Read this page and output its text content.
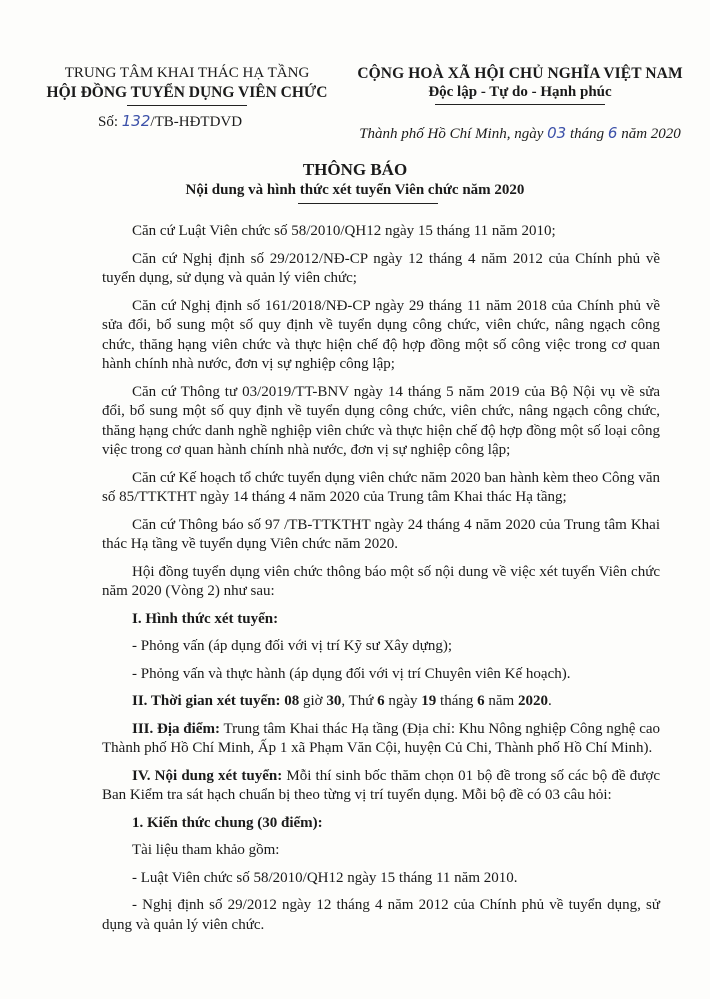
TRUNG TÂM KHAI THÁC HẠ TẦNG
HỘI ĐỒNG TUYỂN DỤNG VIÊN CHỨC
Số: 132/TB-HĐTDVD
CỘNG HOÀ XÃ HỘI CHỦ NGHĨA VIỆT NAM
Độc lập - Tự do - Hạnh phúc
Thành phố Hồ Chí Minh, ngày 03 tháng 6 năm 2020
THÔNG BÁO
Nội dung và hình thức xét tuyển Viên chức năm 2020

Căn cứ Luật Viên chức số 58/2010/QH12 ngày 15 tháng 11 năm 2010;

Căn cứ Nghị định số 29/2012/NĐ-CP ngày 12 tháng 4 năm 2012 của Chính phủ về tuyển dụng, sử dụng và quản lý viên chức;

Căn cứ Nghị định số 161/2018/NĐ-CP ngày 29 tháng 11 năm 2018 của Chính phủ về sửa đổi, bổ sung một số quy định về tuyển dụng công chức, viên chức, nâng ngạch công chức, thăng hạng viên chức và thực hiện chế độ hợp đồng một số công việc trong cơ quan hành chính nhà nước, đơn vị sự nghiệp công lập;

Căn cứ Thông tư 03/2019/TT-BNV ngày 14 tháng 5 năm 2019 của Bộ Nội vụ về sửa đổi, bổ sung một số quy định về tuyển dụng công chức, viên chức, nâng ngạch công chức, thăng hạng chức danh nghề nghiệp viên chức và thực hiện chế độ hợp đồng một số loại công việc trong cơ quan hành chính nhà nước, đơn vị sự nghiệp công lập;

Căn cứ Kế hoạch tổ chức tuyển dụng viên chức năm 2020 ban hành kèm theo Công văn số 85/TTKTHT ngày 14 tháng 4 năm 2020 của Trung tâm Khai thác Hạ tầng;

Căn cứ Thông báo số 97 /TB-TTKTHT ngày 24 tháng 4 năm 2020 của Trung tâm Khai thác Hạ tầng về tuyển dụng Viên chức năm 2020.

Hội đồng tuyển dụng viên chức thông báo một số nội dung về việc xét tuyển Viên chức năm 2020 (Vòng 2) như sau:

I. Hình thức xét tuyển:

- Phỏng vấn (áp dụng đối với vị trí Kỹ sư Xây dựng);

- Phỏng vấn và thực hành (áp dụng đối với vị trí Chuyên viên Kế hoạch).

II. Thời gian xét tuyển: 08 giờ 30, Thứ 6 ngày 19 tháng 6 năm 2020.

III. Địa điểm: Trung tâm Khai thác Hạ tầng (Địa chỉ: Khu Nông nghiệp Công nghệ cao Thành phố Hồ Chí Minh, Ấp 1 xã Phạm Văn Cội, huyện Củ Chi, Thành phố Hồ Chí Minh).

IV. Nội dung xét tuyển: Mỗi thí sinh bốc thăm chọn 01 bộ đề trong số các bộ đề được Ban Kiểm tra sát hạch chuẩn bị theo từng vị trí tuyển dụng. Mỗi bộ đề có 03 câu hỏi:

1. Kiến thức chung (30 điểm):

Tài liệu tham khảo gồm:

- Luật Viên chức số 58/2010/QH12 ngày 15 tháng 11 năm 2010.

- Nghị định số 29/2012 ngày 12 tháng 4 năm 2012 của Chính phủ về tuyển dụng, sử dụng và quản lý viên chức.
